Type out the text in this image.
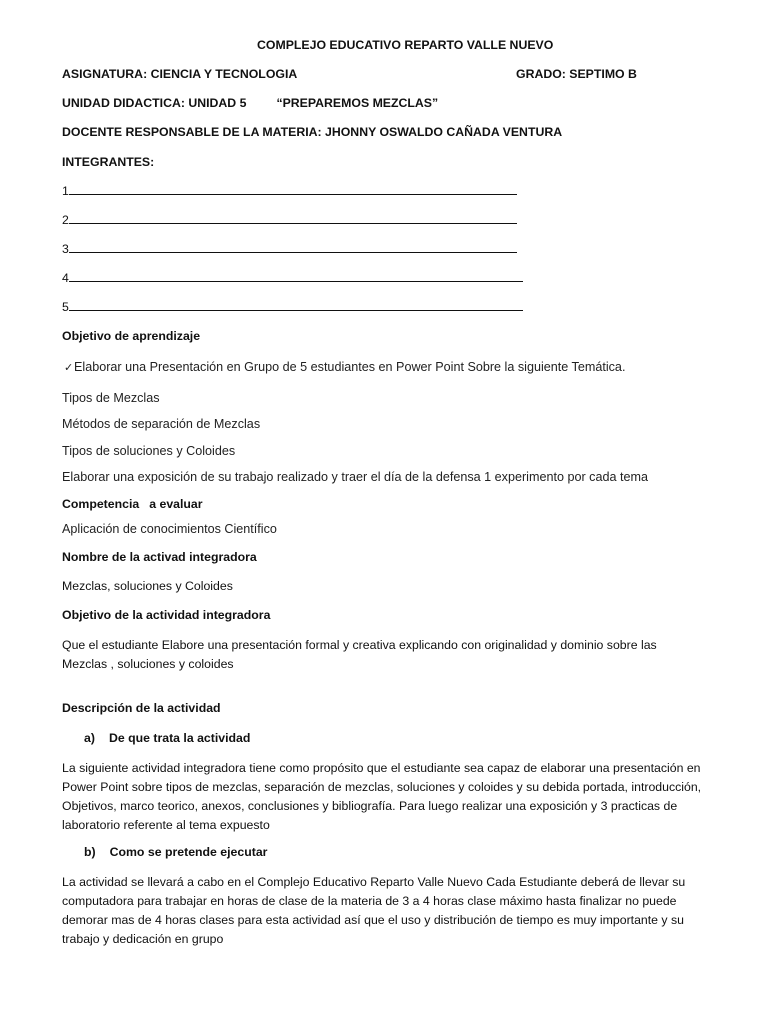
COMPLEJO EDUCATIVO REPARTO VALLE NUEVO
ASIGNATURA: CIENCIA Y TECNOLOGIA	GRADO: SEPTIMO B
UNIDAD DIDACTICA: UNIDAD 5 “PREPAREMOS MEZCLAS”
DOCENTE RESPONSABLE DE LA MATERIA: JHONNY OSWALDO CAÑADA VENTURA
INTEGRANTES:
1
2
3
4
5
Objetivo de aprendizaje
✓Elaborar una Presentación en Grupo de 5 estudiantes en Power Point Sobre la siguiente Temática.
Tipos de Mezclas
Métodos de separación de Mezclas
Tipos de soluciones y Coloides
Elaborar una exposición de su trabajo realizado y traer el día de la defensa 1 experimento por cada tema
Competencia a evaluar
Aplicación de conocimientos Científico
Nombre de la activad integradora
Mezclas, soluciones y Coloides
Objetivo de la actividad integradora
Que el estudiante Elabore una presentación formal y creativa explicando con originalidad y dominio sobre las
Mezclas , soluciones y coloides
Descripción de la actividad
a) De que trata la actividad
La siguiente actividad integradora tiene como propósito que el estudiante sea capaz de elaborar una presentación en
Power Point sobre tipos de mezclas, separación de mezclas, soluciones y coloides y su debida portada, introducción,
Objetivos, marco teorico, anexos, conclusiones y bibliografía. Para luego realizar una exposición y 3 practicas de
laboratorio referente al tema expuesto
b) Como se pretende ejecutar
La actividad se llevará a cabo en el Complejo Educativo Reparto Valle Nuevo Cada Estudiante deberá de llevar su
computadora para trabajar en horas de clase de la materia de 3 a 4 horas clase máximo hasta finalizar no puede
demorar mas de 4 horas clases para esta actividad así que el uso y distribución de tiempo es muy importante y su
trabajo y dedicación en grupo
